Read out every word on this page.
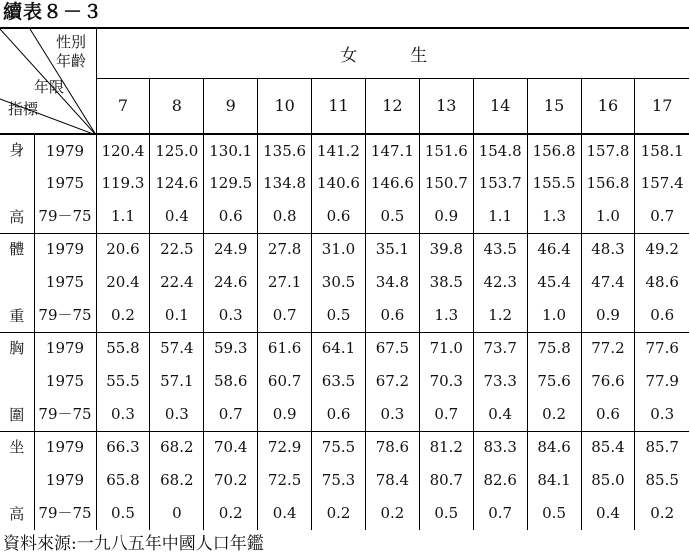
續表８－３
性別
年齡
年限
指標		女　生										
		7	8	9	10	11	12	13	14	15	16	17

身
高	1979	120.4	125.0	130.1	135.6	141.2	147.1	151.6	154.8	156.8	157.8	158.1
	1975	119.3	124.6	129.5	134.8	140.6	146.6	150.7	153.7	155.5	156.8	157.4
	79－75	1.1	0.4	0.6	0.8	0.6	0.5	0.9	1.1	1.3	1.0	0.7

體
重	1979	20.6	22.5	24.9	27.8	31.0	35.1	39.8	43.5	46.4	48.3	49.2
	1975	20.4	22.4	24.6	27.1	30.5	34.8	38.5	42.3	45.4	47.4	48.6
	79－75	0.2	0.1	0.3	0.7	0.5	0.6	1.3	1.2	1.0	0.9	0.6

胸
圍	1979	55.8	57.4	59.3	61.6	64.1	67.5	71.0	73.7	75.8	77.2	77.6
	1975	55.5	57.1	58.6	60.7	63.5	67.2	70.3	73.3	75.6	76.6	77.9
	79－75	0.3	0.3	0.7	0.9	0.6	0.3	0.7	0.4	0.2	0.6	0.3

坐
高	1979	66.3	68.2	70.4	72.9	75.5	78.6	81.2	83.3	84.6	85.4	85.7
	1979	65.8	68.2	70.2	72.5	75.3	78.4	80.7	82.6	84.1	85.0	85.5
	79－75	0.5	0	0.2	0.4	0.2	0.2	0.5	0.7	0.5	0.4	0.2
資料來源:一九八五年中國人口年鑑
